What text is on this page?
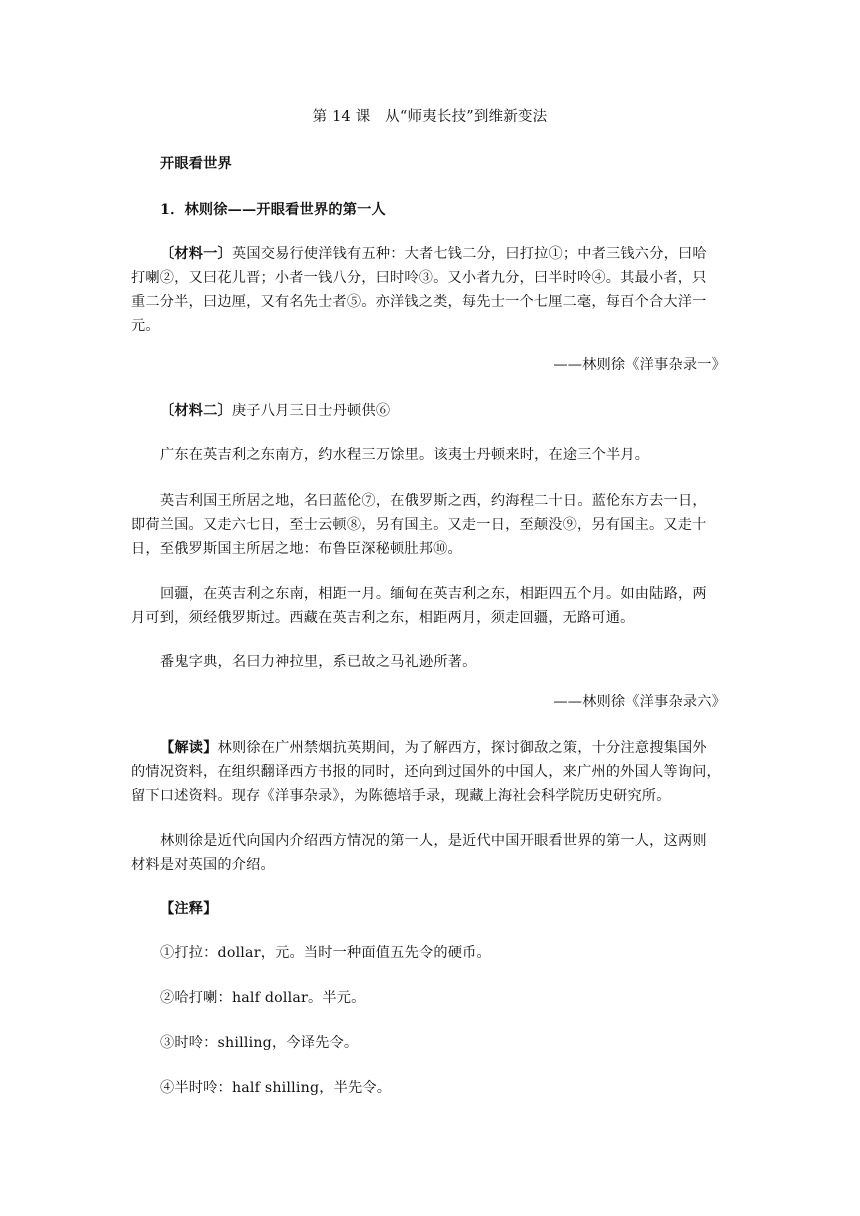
第 14 课　从“师夷长技”到维新变法
开眼看世界
1．林则徐——开眼看世界的第一人
〔材料一〕英国交易行使洋钱有五种：大者七钱二分，曰打拉①；中者三钱六分，曰哈
打喇②，又曰花儿晋；小者一钱八分，曰时呤③。又小者九分，曰半时呤④。其最小者，只
重二分半，曰边厘，又有名先士者⑤。亦洋钱之类，每先士一个七厘二毫，每百个合大洋一
元。
——林则徐《洋事杂录一》
〔材料二〕庚子八月三日士丹顿供⑥
广东在英吉利之东南方，约水程三万馀里。该夷士丹顿来时，在途三个半月。
英吉利国王所居之地，名曰蓝伦⑦，在俄罗斯之西，约海程二十日。蓝伦东方去一日，
即荷兰国。又走六七日，至士云顿⑧，另有国主。又走一日，至颠没⑨，另有国主。又走十
日，至俄罗斯国主所居之地：布鲁臣深秘顿肚邦⑩。
回疆，在英吉利之东南，相距一月。缅甸在英吉利之东，相距四五个月。如由陆路，两
月可到，须经俄罗斯过。西藏在英吉利之东，相距两月，须走回疆，无路可通。
番鬼字典，名曰力神拉里，系已故之马礼逊所著。
——林则徐《洋事杂录六》
【解读】林则徐在广州禁烟抗英期间，为了解西方，探讨御敌之策，十分注意搜集国外
的情况资料，在组织翻译西方书报的同时，还向到过国外的中国人，来广州的外国人等询问，
留下口述资料。现存《洋事杂录》，为陈德培手录，现藏上海社会科学院历史研究所。
林则徐是近代向国内介绍西方情况的第一人，是近代中国开眼看世界的第一人，这两则
材料是对英国的介绍。
【注释】
①打拉：dollar，元。当时一种面值五先令的硬币。
②哈打喇：half dollar。半元。
③时呤：shilling，今译先令。
④半时呤：half shilling，半先令。
